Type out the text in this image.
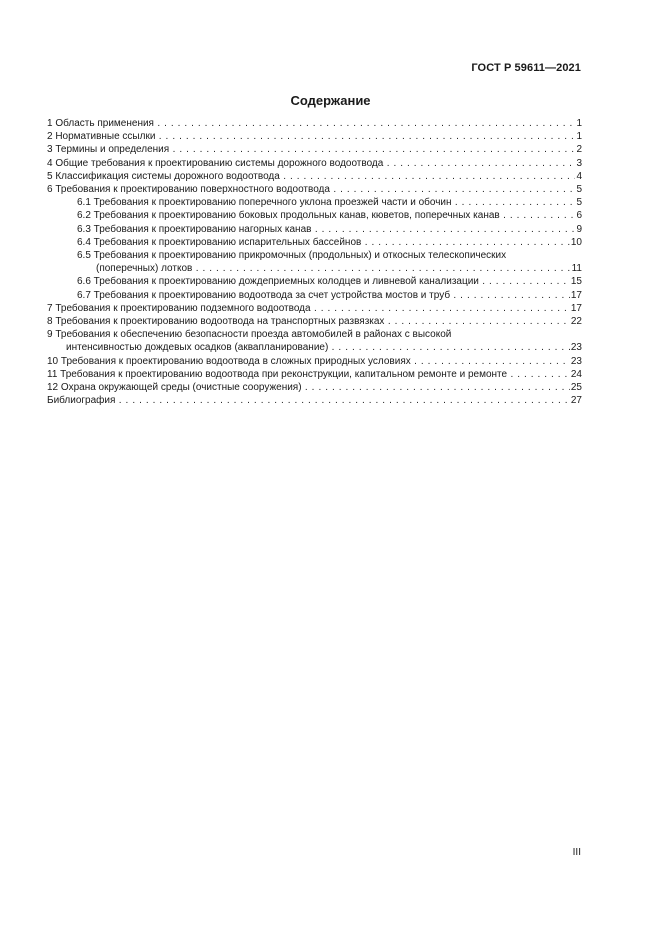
ГОСТ Р 59611—2021
Содержание
1 Область применения . . .	1
2 Нормативные ссылки . . .	1
3 Термины и определения . . .	2
4 Общие требования к проектированию системы дорожного водоотвода . . .	3
5 Классификация системы дорожного водоотвода . . .	4
6 Требования к проектированию поверхностного водоотвода . . .	5
6.1 Требования к проектированию поперечного уклона проезжей части и обочин . . .	5
6.2 Требования к проектированию боковых продольных канав, кюветов, поперечных канав . . .	6
6.3 Требования к проектированию нагорных канав . . .	9
6.4 Требования к проектированию испарительных бассейнов . . .	10
6.5 Требования к проектированию прикромочных (продольных) и откосных телескопических
(поперечных) лотков . . .	11
6.6 Требования к проектированию дождеприемных колодцев и ливневой канализации . . .	15
6.7 Требования к проектированию водоотвода за счет устройства мостов и труб . . .	17
7 Требования к проектированию подземного водоотвода . . .	17
8 Требования к проектированию водоотвода на транспортных развязках . . .	22
9 Требования к обеспечению безопасности проезда автомобилей в районах с высокой
интенсивностью дождевых осадков (аквапланирование) . . .	23
10 Требования к проектированию водоотвода в сложных природных условиях . . .	23
11 Требования к проектированию водоотвода при реконструкции, капитальном ремонте и ремонте . . .	24
12 Охрана окружающей среды (очистные сооружения) . . .	25
Библиография . . .	27
III
